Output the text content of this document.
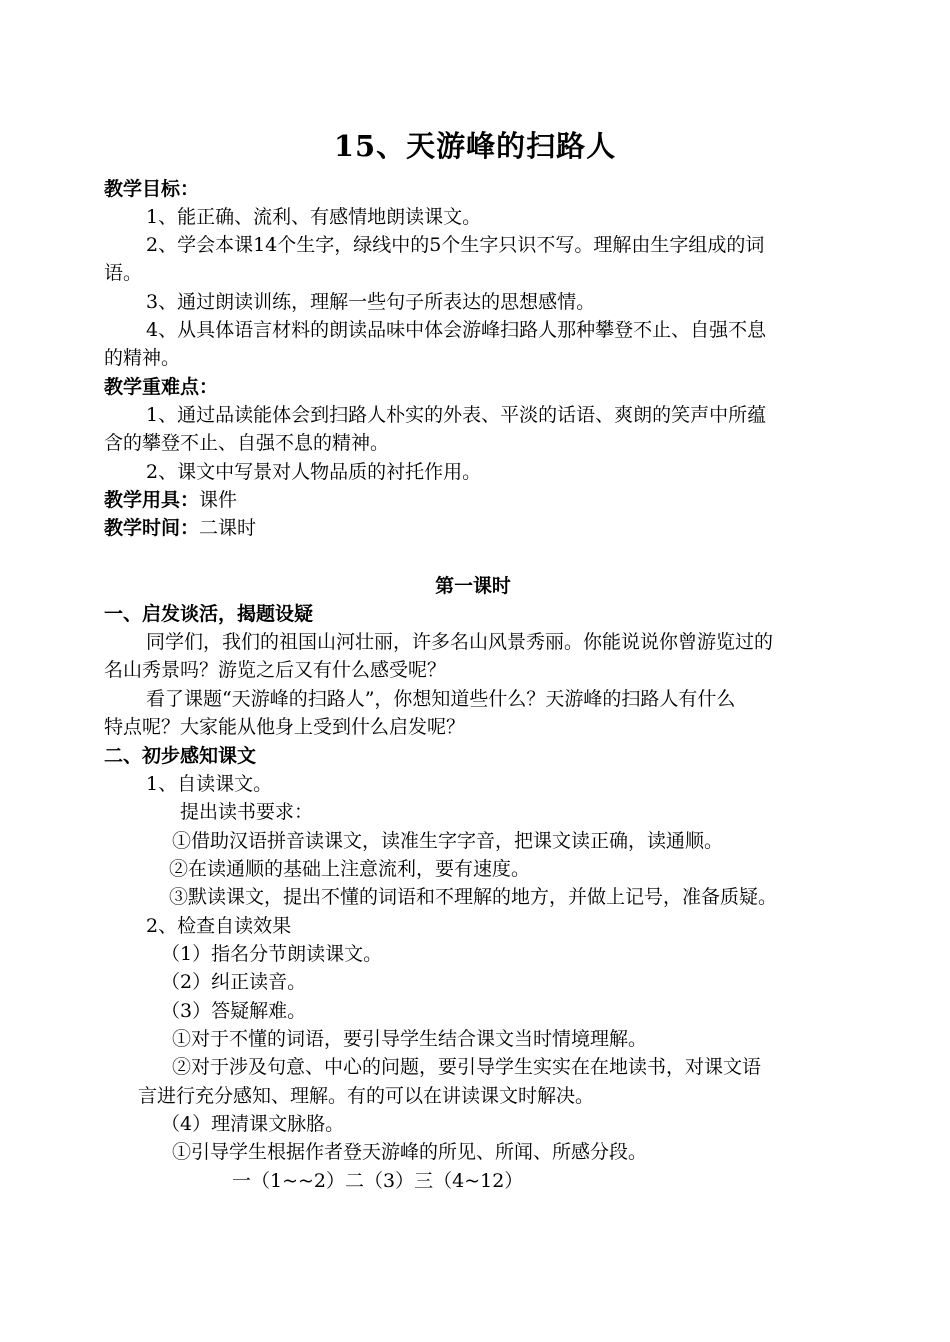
15、天游峰的扫路人
教学目标：
1、能正确、流利、有感情地朗读课文。
2、学会本课14个生字，绿线中的5个生字只识不写。理解由生字组成的词
语。
3、通过朗读训练，理解一些句子所表达的思想感情。
4、从具体语言材料的朗读品味中体会游峰扫路人那种攀登不止、自强不息
的精神。
教学重难点：
1、通过品读能体会到扫路人朴实的外表、平淡的话语、爽朗的笑声中所蕴
含的攀登不止、自强不息的精神。
2、课文中写景对人物品质的衬托作用。
教学用具：课件
教学时间：二课时
第一课时
一、启发谈活，揭题设疑
同学们，我们的祖国山河壮丽，许多名山风景秀丽。你能说说你曾游览过的
名山秀景吗？游览之后又有什么感受呢？
看了课题“天游峰的扫路人”，你想知道些什么？天游峰的扫路人有什么
特点呢？大家能从他身上受到什么启发呢？
二、初步感知课文
1、自读课文。
提出读书要求：
①借助汉语拼音读课文，读准生字字音，把课文读正确，读通顺。
②在读通顺的基础上注意流利，要有速度。
③默读课文，提出不懂的词语和不理解的地方，并做上记号，准备质疑。
2、检查自读效果
（1）指名分节朗读课文。
（2）纠正读音。
（3）答疑解难。
①对于不懂的词语，要引导学生结合课文当时情境理解。
②对于涉及句意、中心的问题，要引导学生实实在在地读书，对课文语
言进行充分感知、理解。有的可以在讲读课文时解决。
（4）理清课文脉胳。
①引导学生根据作者登天游峰的所见、所闻、所感分段。
一（1~~2）二（3）三（4~12）
